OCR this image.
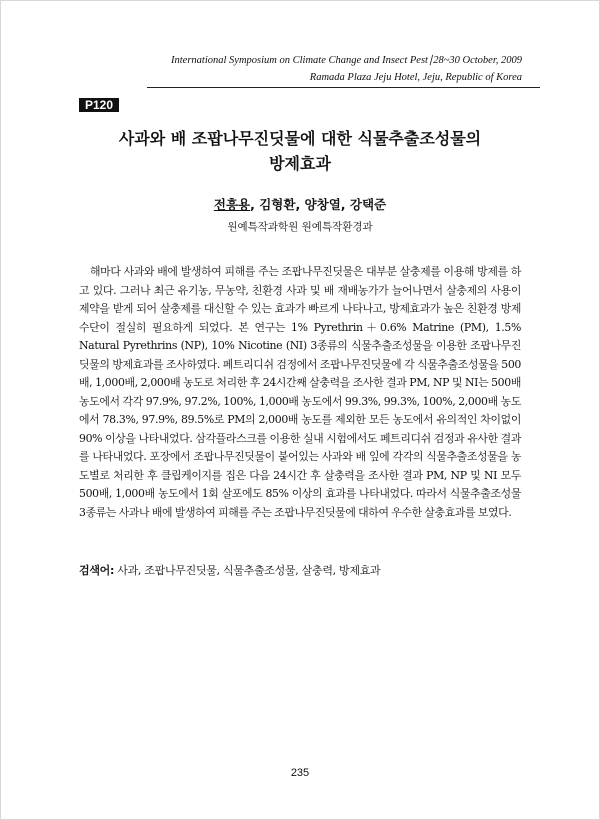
International Symposium on Climate Change and Insect Pest∣28~30 October, 2009
Ramada Plaza Jeju Hotel, Jeju, Republic of Korea
P120
사과와 배 조팝나무진딧물에 대한 식물추출조성물의
방제효과
전흥용, 김형환, 양창열, 강택준
원예특작과학원 원예특작환경과

해마다 사과와 배에 발생하여 피해를 주는 조팝나무진딧물은 대부분 살충제를 이용해 방제를 하고 있다. 그러나 최근 유기농, 무농약, 친환경 사과 및 배 재배농가가 늘어나면서 살충제의 사용이 제약을 받게 되어 살충제를 대신할 수 있는 효과가 빠르게 나타나고, 방제효과가 높은 친환경 방제수단이 절실히 필요하게 되었다. 본 연구는 1% Pyrethrin＋0.6% Matrine (PM), 1.5% Natural Pyrethrins (NP), 10% Nicotine (NI) 3종류의 식물추출조성물을 이용한 조팝나무진딧물의 방제효과를 조사하였다. 페트리디쉬 검정에서 조팝나무진딧물에 각 식물추출조성물을 500배, 1,000배, 2,000배 농도로 처리한 후 24시간째 살충력을 조사한 결과 PM, NP 및 NI는 500배 농도에서 각각 97.9%, 97.2%, 100%, 1,000배 농도에서 99.3%, 99.3%, 100%, 2,000배 농도에서 78.3%, 97.9%, 89.5%로 PM의 2,000배 농도를 제외한 모든 농도에서 유의적인 차이없이 90% 이상을 나타내었다. 삼각플라스크를 이용한 실내 시험에서도 페트리디쉬 검정과 유사한 결과를 나타내었다. 포장에서 조팝나무진딧물이 붙어있는 사과와 배 잎에 각각의 식물추출조성물을 농도별로 처리한 후 클립케이지를 집은 다음 24시간 후 살충력을 조사한 결과 PM, NP 및 NI 모두 500배, 1,000배 농도에서 1회 살포에도 85% 이상의 효과를 나타내었다. 따라서 식물추출조성물 3종류는 사과나 배에 발생하여 피해를 주는 조팝나무진딧물에 대하여 우수한 살충효과를 보였다.

검색어: 사과, 조팝나무진딧물, 식물추출조성물, 살충력, 방제효과
235
